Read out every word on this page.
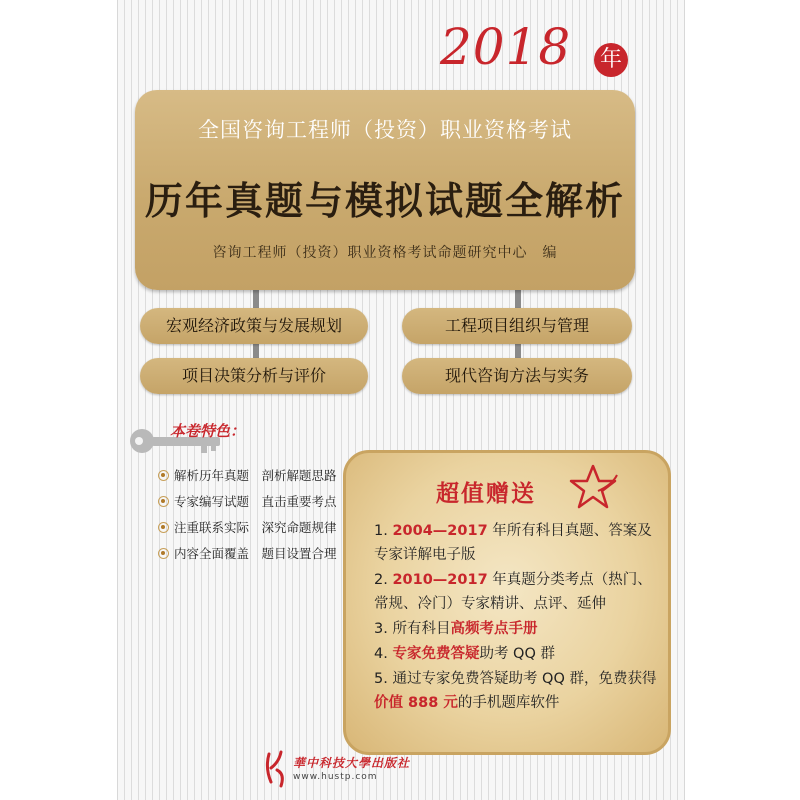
2018 年
全国咨询工程师（投资）职业资格考试
历年真题与模拟试题全解析
咨询工程师（投资）职业资格考试命题研究中心　编
宏观经济政策与发展规划	工程项目组织与管理
项目决策分析与评价	现代咨询方法与实务
本卷特色：
解析历年真题　剖析解题思路
专家编写试题　直击重要考点
注重联系实际　深究命题规律
内容全面覆盖　题目设置合理
超值赠送
1. 2004—2017 年所有科目真题、答案及专家详解电子版
2. 2010—2017 年真题分类考点（热门、常规、冷门）专家精讲、点评、延伸
3. 所有科目高频考点手册
4. 专家免费答疑助考 QQ 群
5. 通过专家免费答疑助考 QQ 群，免费获得价值 888 元的手机题库软件
華中科技大學出版社
www.hustp.com
